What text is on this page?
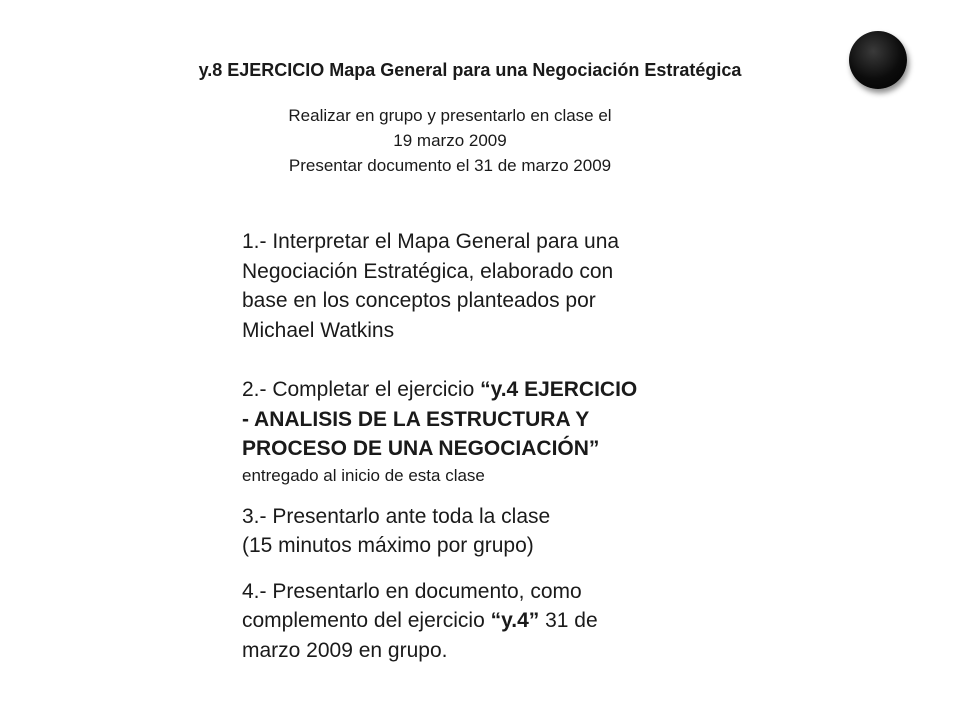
y.8 EJERCICIO Mapa General para una Negociación Estratégica
Realizar en grupo y presentarlo en clase el
19 marzo 2009
Presentar documento el 31 de marzo 2009
1.- Interpretar el Mapa General para una
Negociación Estratégica, elaborado con
base en los conceptos planteados por
Michael Watkins
2.- Completar el ejercicio “y.4 EJERCICIO
- ANALISIS DE LA ESTRUCTURA Y
PROCESO DE UNA NEGOCIACIÓN”
entregado al inicio de esta clase
3.- Presentarlo ante toda la clase
(15 minutos máximo por grupo)
4.- Presentarlo en documento, como
complemento del ejercicio “y.4” 31 de
marzo 2009 en grupo.
